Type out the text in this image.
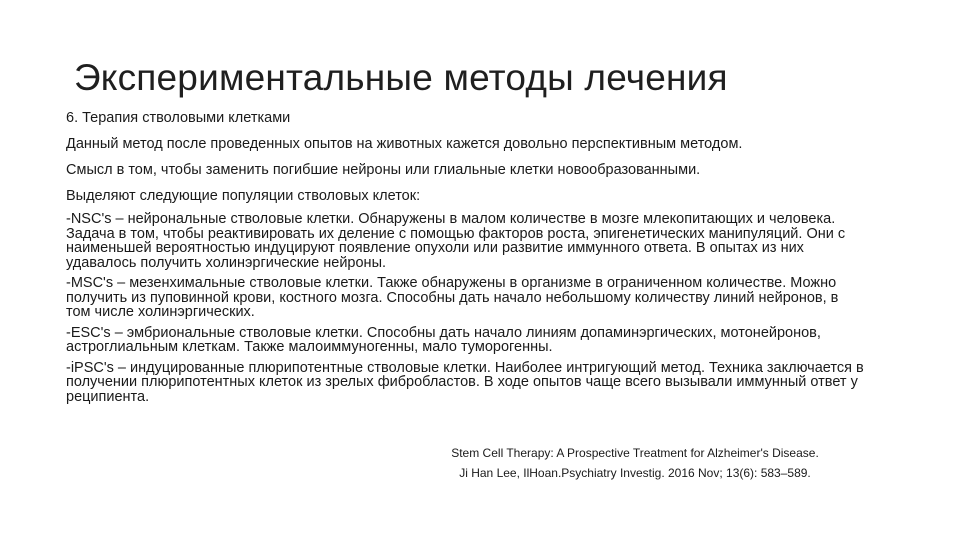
Экспериментальные методы лечения
6. Терапия стволовыми клетками
Данный метод после проведенных опытов на животных кажется довольно перспективным методом.
Смысл в том, чтобы заменить погибшие нейроны или глиальные клетки новообразованными.
Выделяют следующие популяции стволовых клеток:
-NSC's – нейрональные стволовые клетки. Обнаружены в малом количестве в мозге млекопитающих и человека. Задача в том, чтобы реактивировать их деление с помощью факторов роста, эпигенетических манипуляций. Они с наименьшей вероятностью индуцируют появление опухоли или развитие иммунного ответа. В опытах из них удавалось получить холинэргические нейроны.
-MSC's – мезенхимальные стволовые клетки. Также обнаружены в организме в ограниченном количестве. Можно получить из пуповинной крови, костного мозга. Способны дать начало небольшому количеству линий нейронов, в том числе холинэргических.
-ESC's – эмбриональные стволовые клетки. Способны дать начало линиям допаминэргических, мотонейронов, астроглиальным клеткам. Также малоиммуногенны, мало туморогенны.
-iPSC's – индуцированные плюрипотентные стволовые клетки. Наиболее интригующий метод. Техника заключается в получении плюрипотентных клеток из зрелых фибробластов. В ходе опытов чаще всего вызывали иммунный ответ у реципиента.
Stem Cell Therapy: A Prospective Treatment for Alzheimer's Disease.
Ji Han Lee, IlHoan.Psychiatry Investig. 2016 Nov; 13(6): 583–589.
